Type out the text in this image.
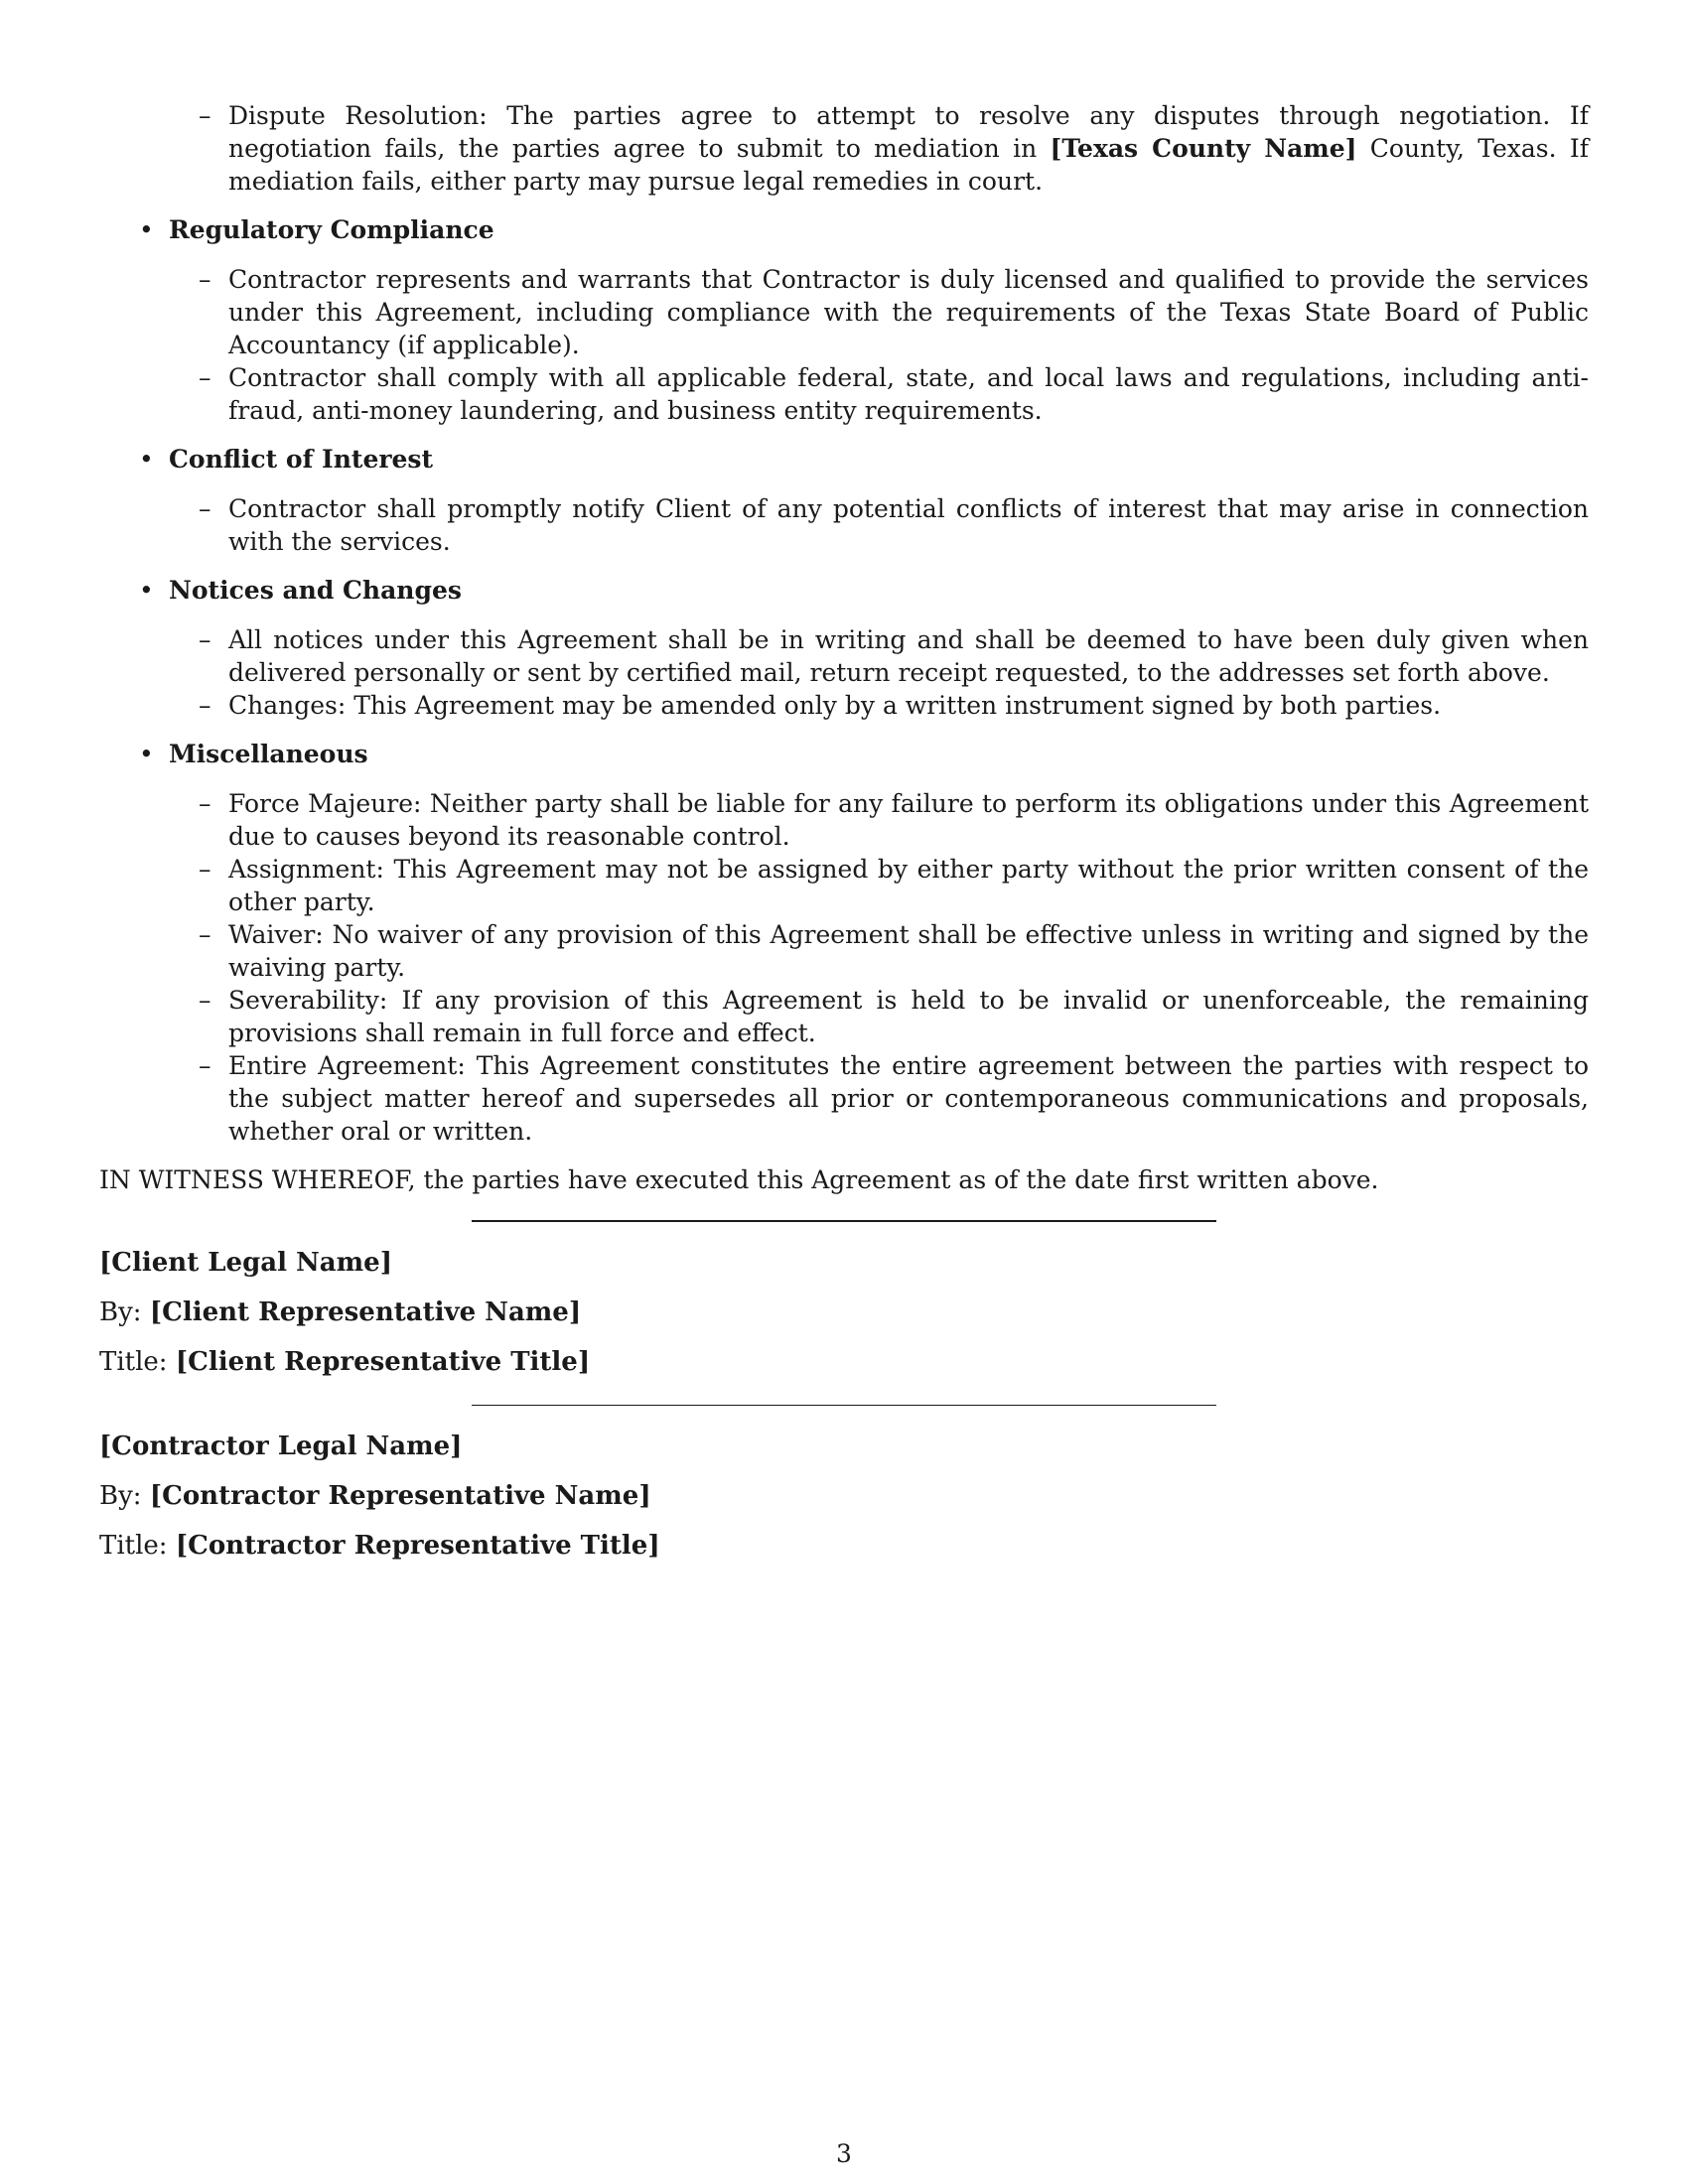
– Dispute Resolution: The parties agree to attempt to resolve any disputes through negotiation. If negotiation fails, the parties agree to submit to mediation in [Texas County Name] County, Texas. If mediation fails, either party may pursue legal remedies in court.
• Regulatory Compliance
– Contractor represents and warrants that Contractor is duly licensed and qualified to provide the services under this Agreement, including compliance with the requirements of the Texas State Board of Public Accountancy (if applicable).
– Contractor shall comply with all applicable federal, state, and local laws and regulations, including anti-fraud, anti-money laundering, and business entity requirements.
• Conflict of Interest
– Contractor shall promptly notify Client of any potential conflicts of interest that may arise in connection with the services.
• Notices and Changes
– All notices under this Agreement shall be in writing and shall be deemed to have been duly given when delivered personally or sent by certified mail, return receipt requested, to the addresses set forth above.
– Changes: This Agreement may be amended only by a written instrument signed by both parties.
• Miscellaneous
– Force Majeure: Neither party shall be liable for any failure to perform its obligations under this Agreement due to causes beyond its reasonable control.
– Assignment: This Agreement may not be assigned by either party without the prior written consent of the other party.
– Waiver: No waiver of any provision of this Agreement shall be effective unless in writing and signed by the waiving party.
– Severability: If any provision of this Agreement is held to be invalid or unenforceable, the remaining provisions shall remain in full force and effect.
– Entire Agreement: This Agreement constitutes the entire agreement between the parties with respect to the subject matter hereof and supersedes all prior or contemporaneous communications and proposals, whether oral or written.

IN WITNESS WHEREOF, the parties have executed this Agreement as of the date first written above.

[Client Legal Name]

By: [Client Representative Name]

Title: [Client Representative Title]

[Contractor Legal Name]

By: [Contractor Representative Name]

Title: [Contractor Representative Title]

3
